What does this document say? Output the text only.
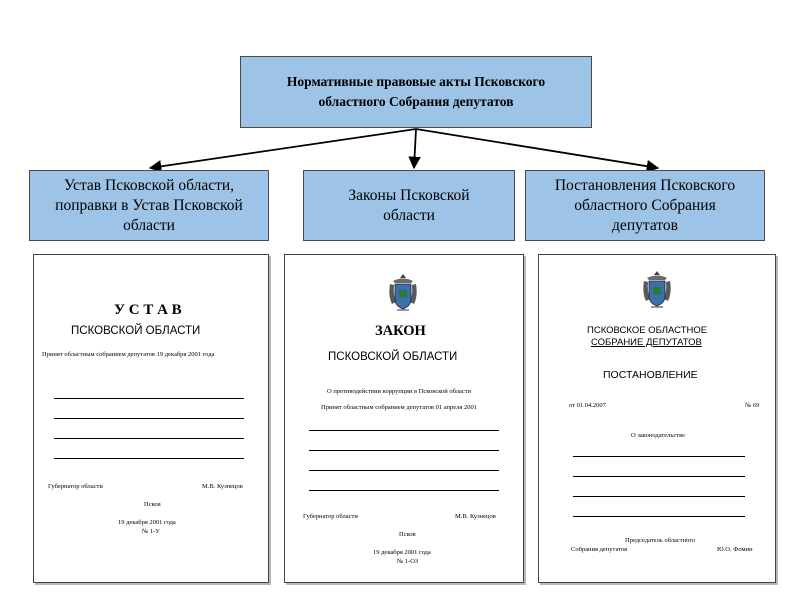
Нормативные правовые акты Псковского областного Собрания депутатов
Устав Псковской области, поправки в Устав Псковской области
Законы Псковской области
Постановления Псковского областного Собрания депутатов
У С Т А В
ПСКОВСКОЙ ОБЛАСТИ
Принят областным собранием депутатов 19 декабря 2001 года
Губернатор области	М.В. Кузнецов
Псков
19 декабря 2001 года
№ 1-У
ЗАКОН
ПСКОВСКОЙ ОБЛАСТИ
О противодействии коррупции в Псковской области
Принят областным собранием депутатов 01 апреля 2001
Губернатор области	М.В. Кузнецов
Псков
19 декабря 2001 года
№ 1-ОЗ
ПСКОВСКОЕ ОБЛАСТНОЕ
СОБРАНИЕ ДЕПУТАТОВ
ПОСТАНОВЛЕНИЕ
от 01.04.2007	№ 69
О законодательстве
Председатель областного
Собрания депутатов	Ю.О. Фомин
